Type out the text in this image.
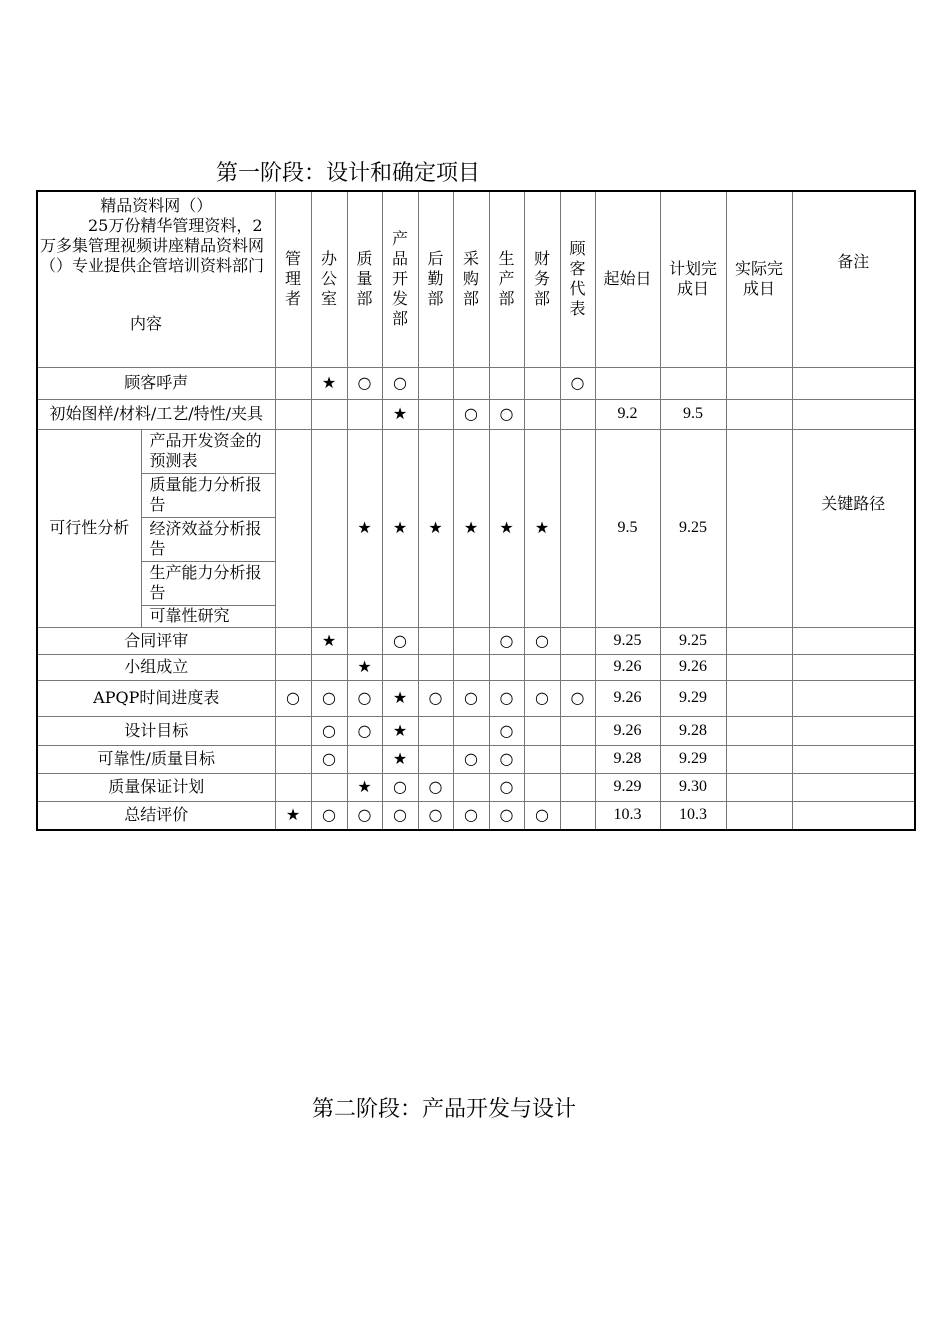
第一阶段：设计和确定项目
精品资料网（）
25万份精华管理资料，2万多集管理视频讲座精品资料网（）专业提供企管培训资料部门
内容		管理者	办公室	质量部	产品开发部	后勤部	采购部	生产部	财务部	顾客代表	起始日	计划完成日	实际完成日	备注
顾客呼声			★	○	○					○				
初始图样/材料/工艺/特性/夹具					★		○	○			9.2	9.5		
可行性分析	产品开发资金的预测表			★	★	★	★	★	★		9.5	9.25		关键路径
	质量能力分析报告													
	经济效益分析报告													
	生产能力分析报告													
	可靠性研究													
合同评审			★		○			○	○		9.25	9.25		
小组成立				★							9.26	9.26		
APQP时间进度表		○	○	○	★	○	○	○	○	○	9.26	9.29		
设计目标			○	○	★			○			9.26	9.28		
可靠性/质量目标			○		★		○	○			9.28	9.29		
质量保证计划				★	○	○		○			9.29	9.30		
总结评价		★	○	○	○	○	○	○	○		10.3	10.3		
第二阶段：产品开发与设计
